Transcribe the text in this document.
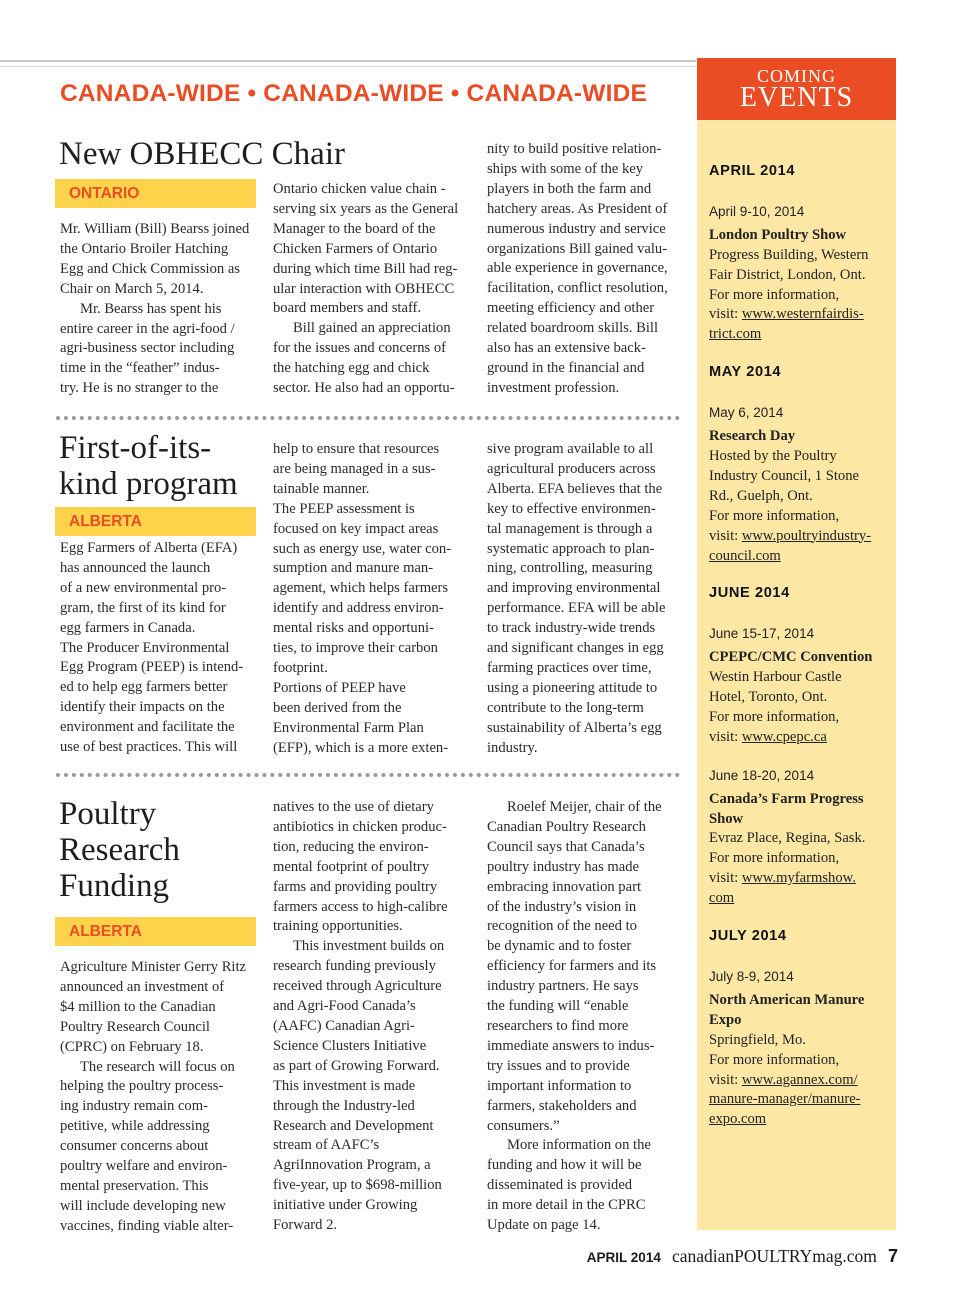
CANADA-WIDE • CANADA-WIDE • CANADA-WIDE
COMING
EVENTS
APRIL 2014
April 9-10, 2014
London Poultry Show
Progress Building, Western
Fair District, London, Ont.
For more information,
visit: www.westernfairdis-
trict.com
MAY 2014
May 6, 2014
Research Day
Hosted by the Poultry
Industry Council, 1 Stone
Rd., Guelph, Ont.
For more information,
visit: www.poultryindustry-
council.com
JUNE 2014
June 15-17, 2014
CPEPC/CMC Convention
Westin Harbour Castle
Hotel, Toronto, Ont.
For more information,
visit: www.cpepc.ca
June 18-20, 2014
Canada’s Farm Progress Show
Evraz Place, Regina, Sask.
For more information,
visit: www.myfarmshow.
com
JULY 2014
July 8-9, 2014
North American Manure Expo
Springfield, Mo.
For more information,
visit: www.agannex.com/
manure-manager/manure-
expo.com
New OBHECC Chair
ONTARIO

Mr. William (Bill) Bearss joined
the Ontario Broiler Hatching
Egg and Chick Commission as
Chair on March 5, 2014.

Mr. Bearss has spent his
entire career in the agri-food /
agri-business sector including
time in the “feather” indus-
try. He is no stranger to the

Ontario chicken value chain -
serving six years as the General
Manager to the board of the
Chicken Farmers of Ontario
during which time Bill had reg-
ular interaction with OBHECC
board members and staff.

Bill gained an appreciation
for the issues and concerns of
the hatching egg and chick
sector. He also had an opportu-

nity to build positive relation-
ships with some of the key
players in both the farm and
hatchery areas. As President of
numerous industry and service
organizations Bill gained valu-
able experience in governance,
facilitation, conflict resolution,
meeting efficiency and other
related boardroom skills. Bill
also has an extensive back-
ground in the financial and
investment profession.

First-of-its-
kind program
ALBERTA

Egg Farmers of Alberta (EFA)
has announced the launch
of a new environmental pro-
gram, the first of its kind for
egg farmers in Canada.

The Producer Environmental
Egg Program (PEEP) is intend-
ed to help egg farmers better
identify their impacts on the
environment and facilitate the
use of best practices. This will

help to ensure that resources
are being managed in a sus-
tainable manner.

The PEEP assessment is
focused on key impact areas
such as energy use, water con-
sumption and manure man-
agement, which helps farmers
identify and address environ-
mental risks and opportuni-
ties, to improve their carbon
footprint.

Portions of PEEP have
been derived from the
Environmental Farm Plan
(EFP), which is a more exten-

sive program available to all
agricultural producers across
Alberta. EFA believes that the
key to effective environmen-
tal management is through a
systematic approach to plan-
ning, controlling, measuring
and improving environmental
performance. EFA will be able
to track industry-wide trends
and significant changes in egg
farming practices over time,
using a pioneering attitude to
contribute to the long-term
sustainability of Alberta’s egg
industry.

Poultry
Research
Funding
ALBERTA

Agriculture Minister Gerry Ritz
announced an investment of
$4 million to the Canadian
Poultry Research Council
(CPRC) on February 18.

The research will focus on
helping the poultry process-
ing industry remain com-
petitive, while addressing
consumer concerns about
poultry welfare and environ-
mental preservation. This
will include developing new
vaccines, finding viable alter-

natives to the use of dietary
antibiotics in chicken produc-
tion, reducing the environ-
mental footprint of poultry
farms and providing poultry
farmers access to high-calibre
training opportunities.

This investment builds on
research funding previously
received through Agriculture
and Agri-Food Canada’s
(AAFC) Canadian Agri-
Science Clusters Initiative
as part of Growing Forward.
This investment is made
through the Industry-led
Research and Development
stream of AAFC’s
AgriInnovation Program, a
five-year, up to $698-million
initiative under Growing
Forward 2.

Roelef Meijer, chair of the
Canadian Poultry Research
Council says that Canada’s
poultry industry has made
embracing innovation part
of the industry’s vision in
recognition of the need to
be dynamic and to foster
efficiency for farmers and its
industry partners. He says
the funding will “enable
researchers to find more
immediate answers to indus-
try issues and to provide
important information to
farmers, stakeholders and
consumers.”

More information on the
funding and how it will be
disseminated is provided
in more detail in the CPRC
Update on page 14.

APRIL 2014 canadianPOULTRYmag.com 7
